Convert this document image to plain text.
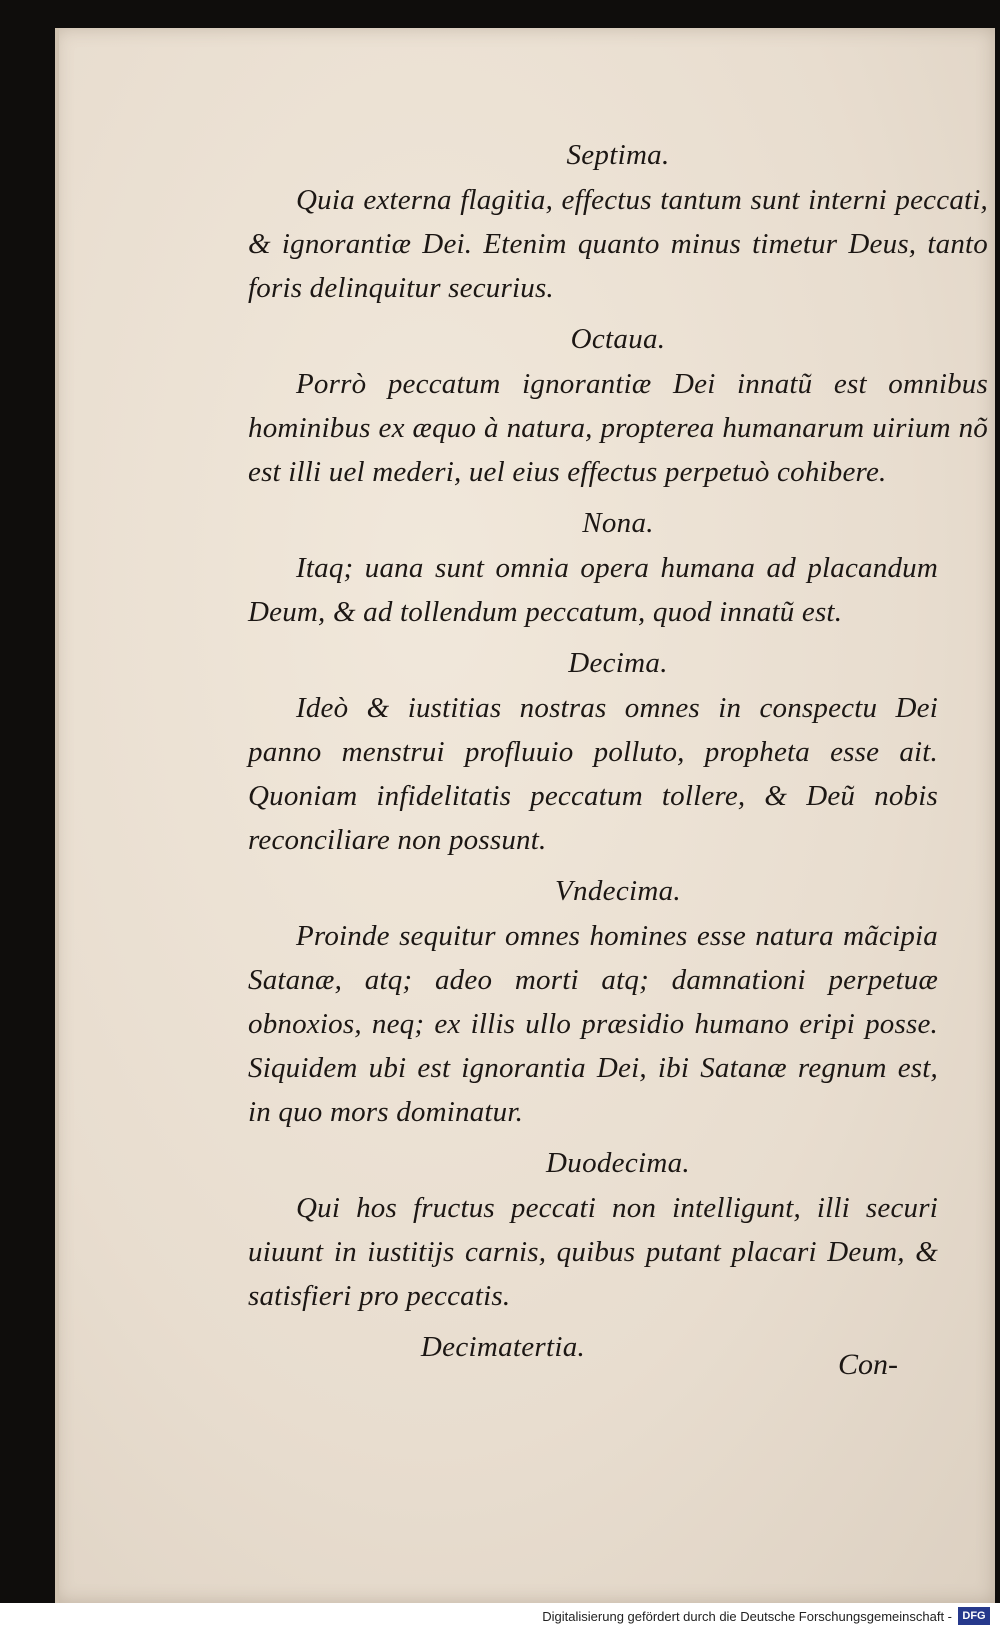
Septima.

Quia externa flagitia, effectus tantum sunt interni peccati, & ignorantiæ Dei. Etenim quanto minus timetur Deus, tanto foris delinquitur securius.

Octaua.

Porrò peccatum ignorantiæ Dei innatũ est omnibus hominibus ex æquo à natura, propterea humanarum uirium nõ est illi uel mederi, uel eius effectus perpetuò cohibere.

Nona.

Itaq; uana sunt omnia opera humana ad placandum Deum, & ad tollendum peccatum, quod innatũ est.

Decima.

Ideò & iustitias nostras omnes in conspectu Dei panno menstrui profluuio polluto, propheta esse ait. Quoniam infidelitatis peccatum tollere, & Deũ nobis reconciliare non possunt.

Vndecima.

Proinde sequitur omnes homines esse natura mãcipia Satanæ, atq; adeo morti atq; damnationi perpetuæ obnoxios, neq; ex illis ullo præsidio humano eripi posse. Siquidem ubi est ignorantia Dei, ibi Satanæ regnum est, in quo mors dominatur.

Duodecima.

Qui hos fructus peccati non intelligunt, illi securi uiuunt in iustitijs carnis, quibus putant placari Deum, & satisfieri pro peccatis.

Decimatertia.
Con-
Digitalisierung gefördert durch die Deutsche Forschungsgemeinschaft - DFG
